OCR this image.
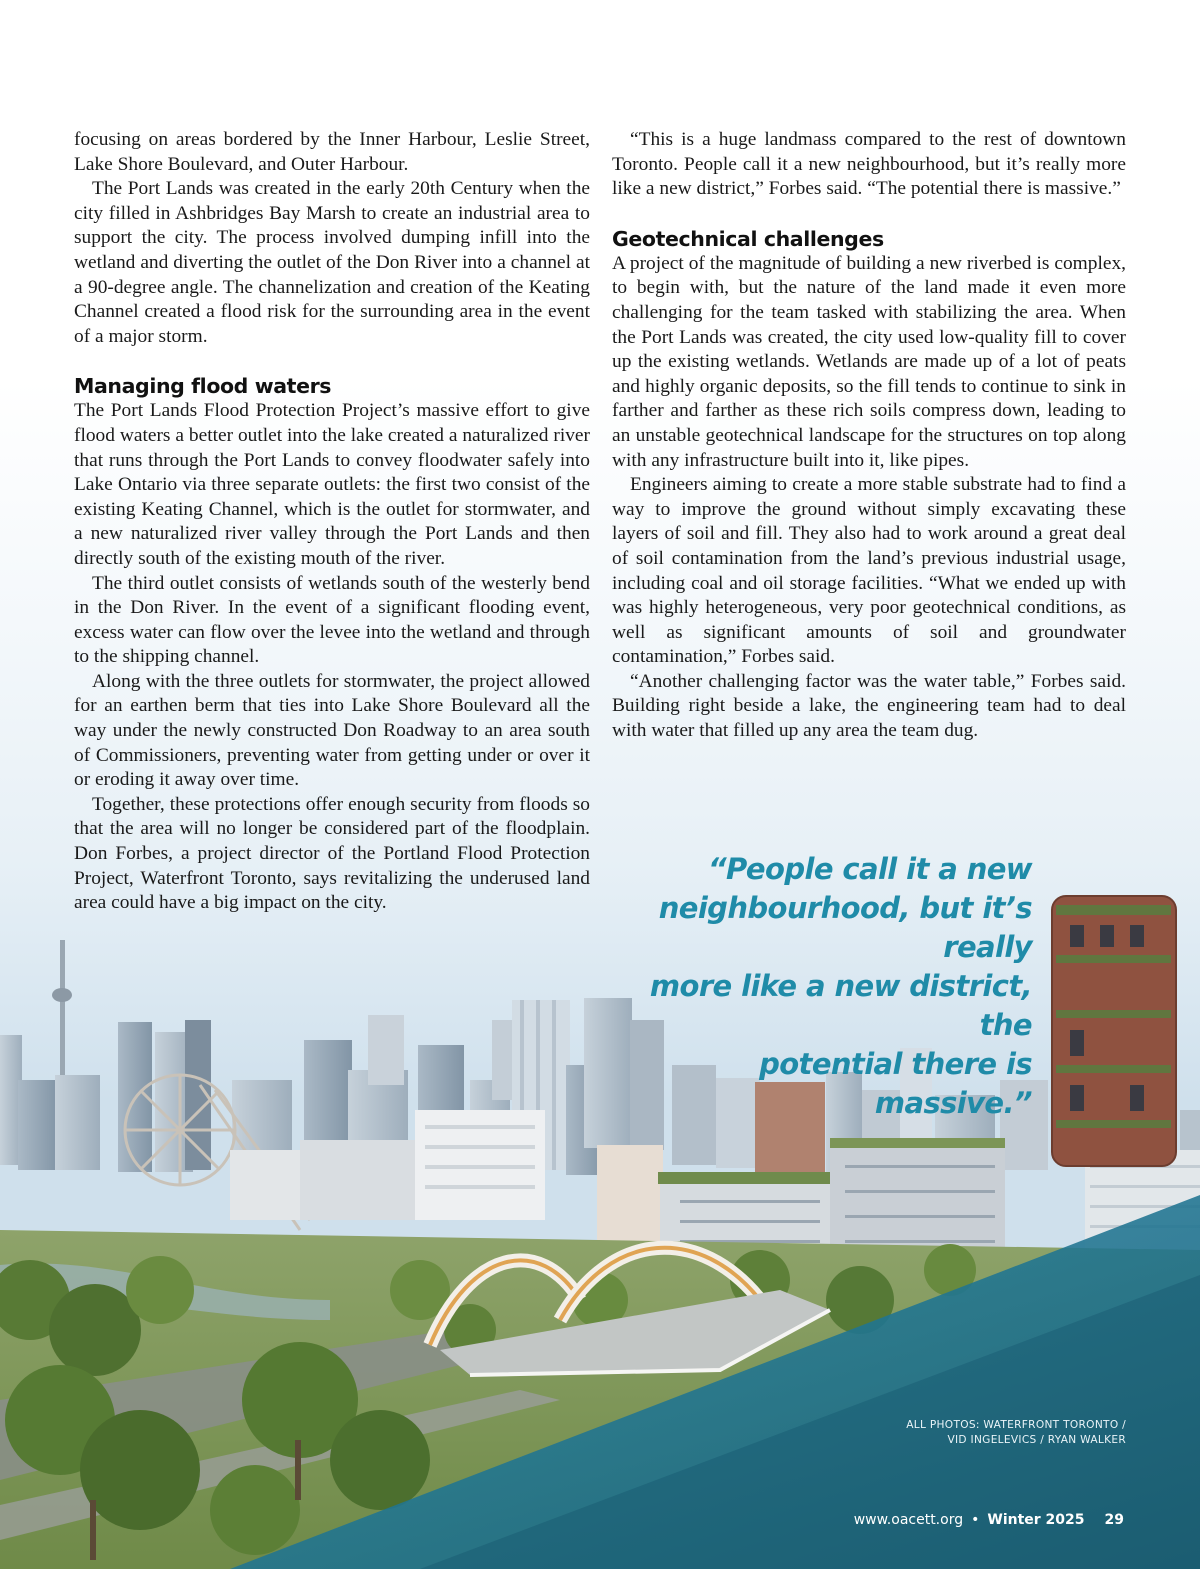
focusing on areas bordered by the Inner Harbour, Leslie Street, Lake Shore Boulevard, and Outer Harbour.

The Port Lands was created in the early 20th Century when the city filled in Ashbridges Bay Marsh to create an industrial area to support the city. The process involved dumping infill into the wetland and diverting the outlet of the Don River into a channel at a 90-degree angle. The channelization and creation of the Keating Channel created a flood risk for the surrounding area in the event of a major storm.

Managing flood waters

The Port Lands Flood Protection Project’s massive effort to give flood waters a better outlet into the lake created a naturalized river that runs through the Port Lands to convey floodwater safely into Lake Ontario via three separate outlets: the first two consist of the existing Keating Channel, which is the outlet for stormwater, and a new naturalized river valley through the Port Lands and then directly south of the existing mouth of the river.

The third outlet consists of wetlands south of the westerly bend in the Don River. In the event of a significant flooding event, excess water can flow over the levee into the wetland and through to the shipping channel.

Along with the three outlets for stormwater, the project allowed for an earthen berm that ties into Lake Shore Boulevard all the way under the newly constructed Don Roadway to an area south of Commissioners, preventing water from getting under or over it or eroding it away over time.

Together, these protections offer enough security from floods so that the area will no longer be considered part of the floodplain. Don Forbes, a project director of the Portland Flood Protection Project, Waterfront Toronto, says revitalizing the underused land area could have a big impact on the city.

“This is a huge landmass compared to the rest of downtown Toronto. People call it a new neighbourhood, but it’s really more like a new district,” Forbes said. “The potential there is massive.”

Geotechnical challenges

A project of the magnitude of building a new riverbed is complex, to begin with, but the nature of the land made it even more challenging for the team tasked with stabilizing the area. When the Port Lands was created, the city used low-quality fill to cover up the existing wetlands. Wetlands are made up of a lot of peats and highly organic deposits, so the fill tends to continue to sink in farther and farther as these rich soils compress down, leading to an unstable geotechnical landscape for the structures on top along with any infrastructure built into it, like pipes.

Engineers aiming to create a more stable substrate had to find a way to improve the ground without simply excavating these layers of soil and fill. They also had to work around a great deal of soil contamination from the land’s previous industrial usage, including coal and oil storage facilities. “What we ended up with was highly heterogeneous, very poor geotechnical conditions, as well as significant amounts of soil and groundwater contamination,” Forbes said.

“Another challenging factor was the water table,” Forbes said. Building right beside a lake, the engineering team had to deal with water that filled up any area the team dug.

“People call it a new
neighbourhood, but it’s really
more like a new district, the
potential there is massive.”
ALL PHOTOS: WATERFRONT TORONTO /
VID INGELEVICS / RYAN WALKER
www.oacett.org • Winter 2025 29
